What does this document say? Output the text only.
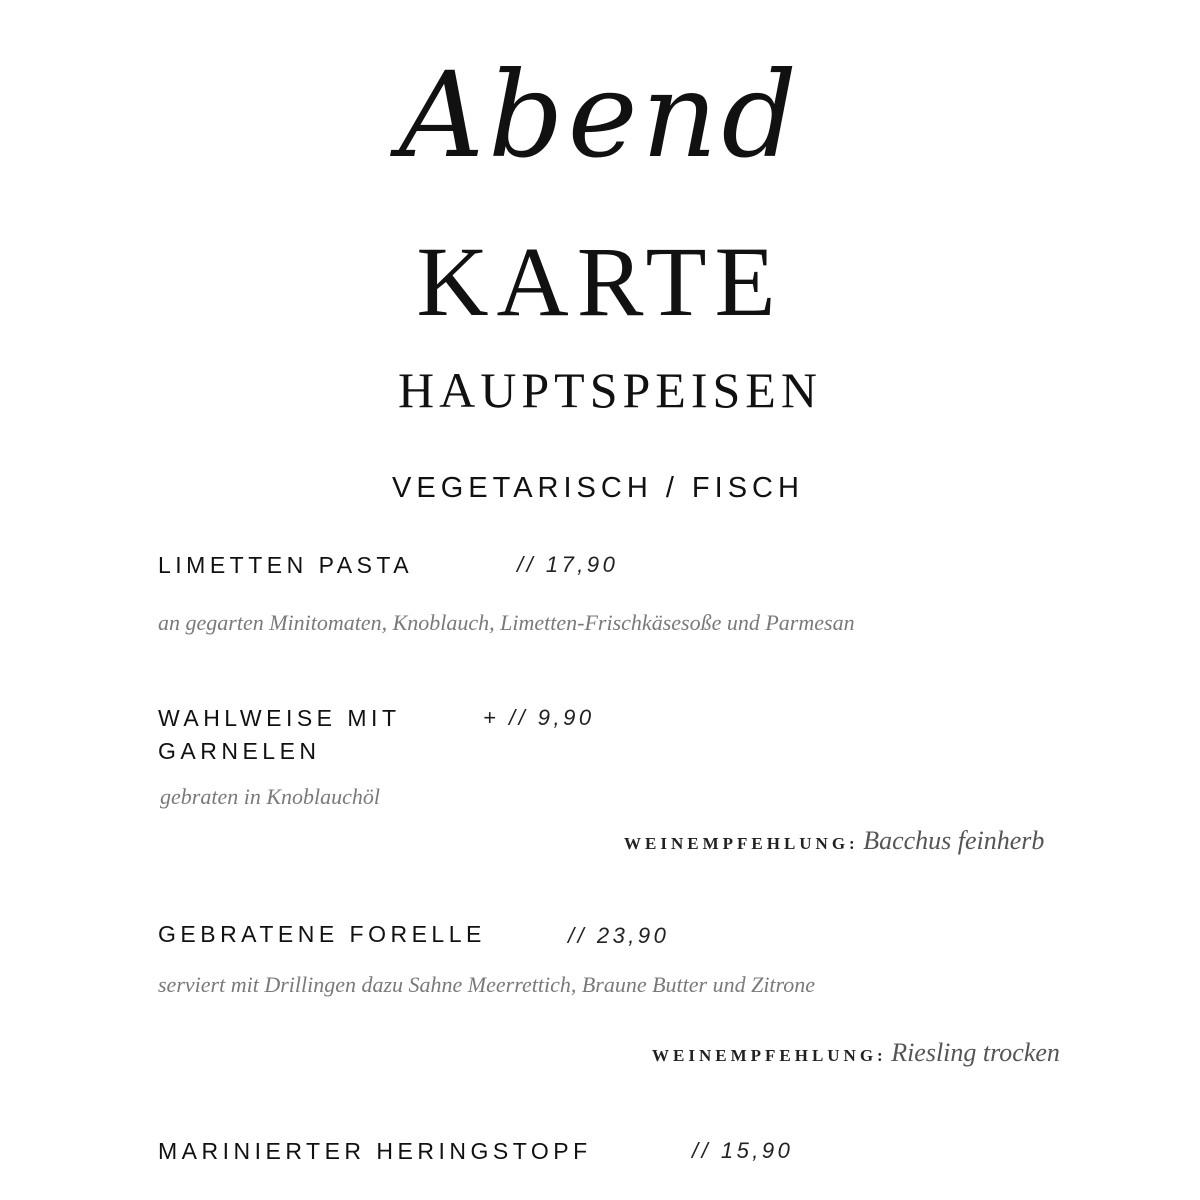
Abend
KARTE
HAUPTSPEISEN
VEGETARISCH / FISCH
LIMETTEN PASTA	// 17,90
an gegarten Minitomaten, Knoblauch, Limetten-Frischkäsesoße und Parmesan
WAHLWEISE MIT
GARNELEN
+ // 9,90
gebraten in Knoblauchöl
WEINEMPFEHLUNG: Bacchus feinherb
GEBRATENE FORELLE	// 23,90
serviert mit Drillingen dazu Sahne Meerrettich, Braune Butter und Zitrone
WEINEMPFEHLUNG: Riesling trocken
MARINIERTER HERINGSTOPF	// 15,90
